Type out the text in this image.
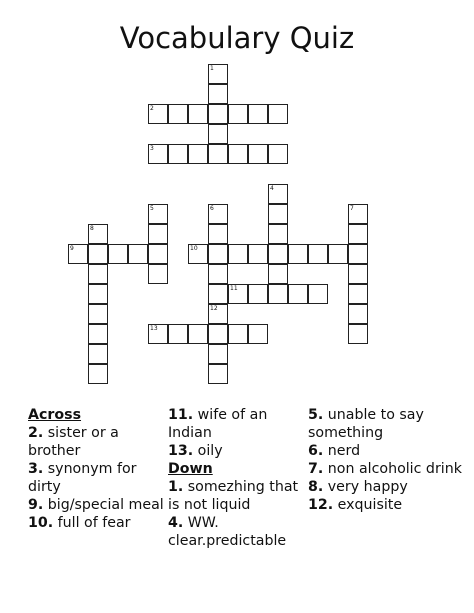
Vocabulary Quiz
1
2
3
4
5	6
12
7
8
9	10
11
13

Across

2. sister or a brother

3. synonym for dirty

9. big/special meal

10. full of fear

11. wife of an Indian

13. oily

Down

1. somezhing that is not liquid

4. WW. clear.predictable

5. unable to say something

6. nerd

7. non alcoholic drink

8. very happy

12. exquisite
